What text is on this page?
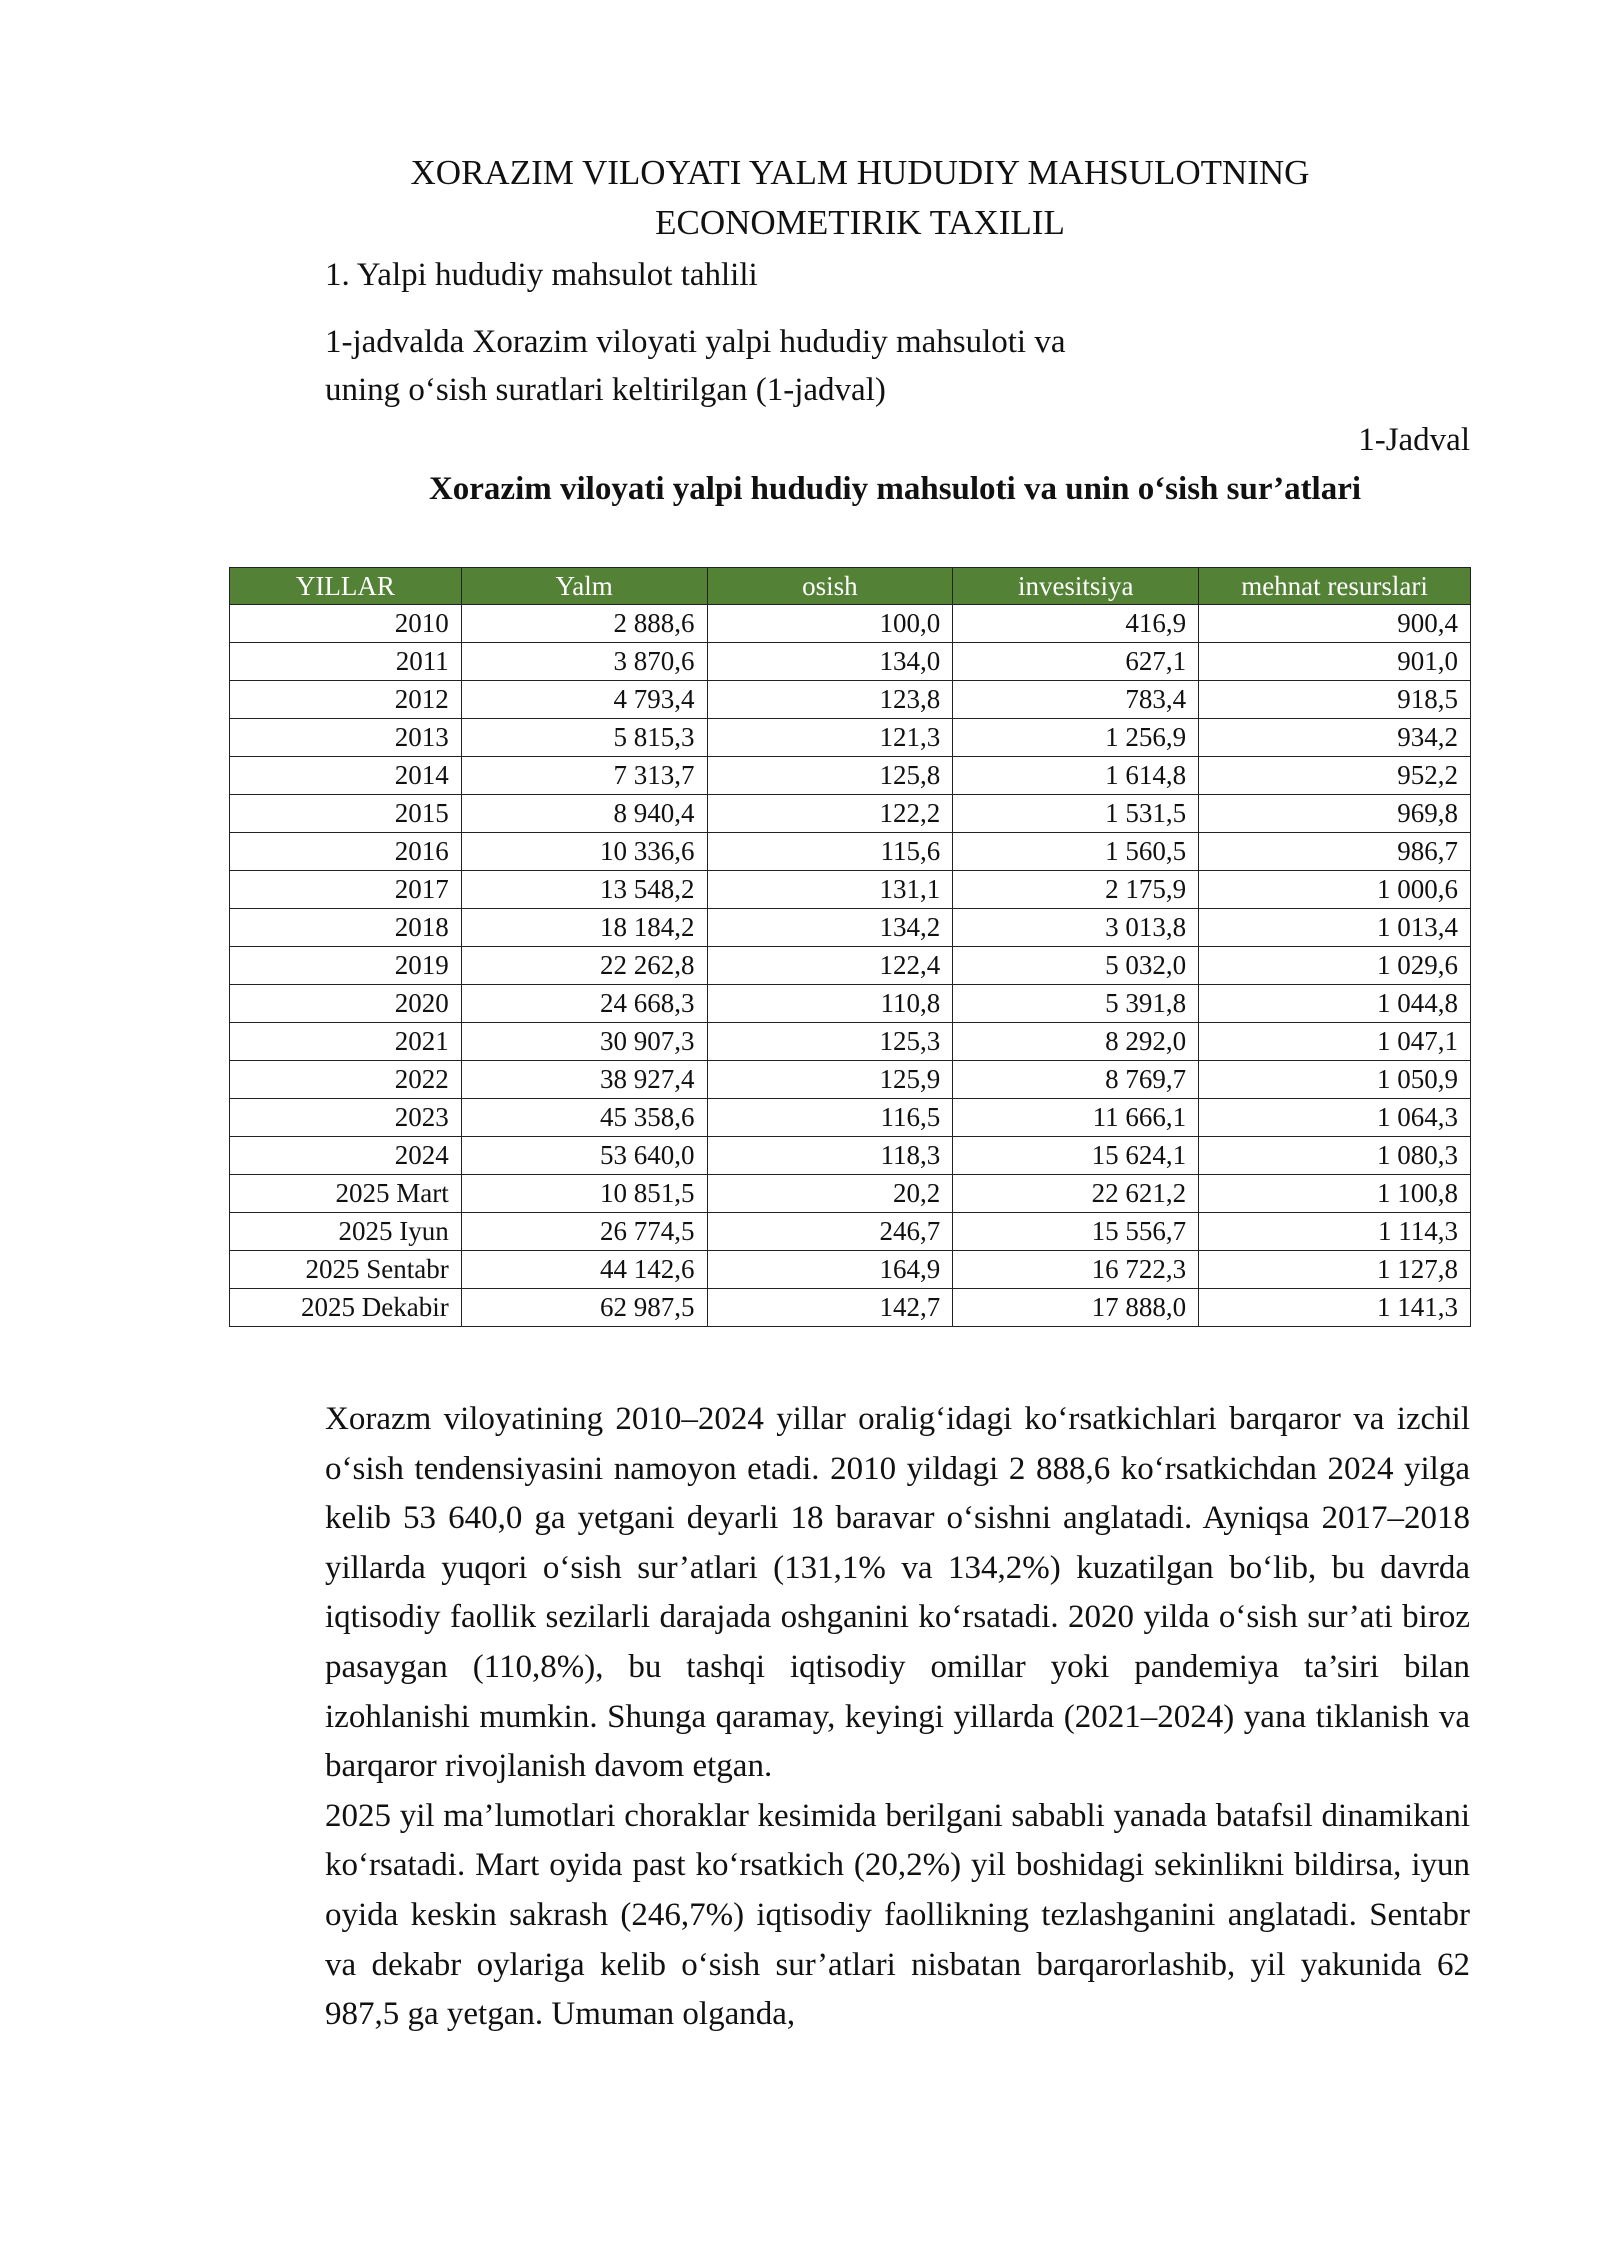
XORAZIM VILOYATI YALM HUDUDIY MAHSULOTNING
ECONOMETIRIK TAXILIL
1. Yalpi hududiy mahsulot tahlili
1-jadvalda Xorazim viloyati yalpi hududiy mahsuloti va
uning o‘sish suratlari keltirilgan (1-jadval)
1-Jadval
Xorazim viloyati yalpi hududiy mahsuloti va unin o‘sish sur’atlari
YILLAR	Yalm	osish	invesitsiya	mehnat resurslari
2010	2 888,6	100,0	416,9	900,4
2011	3 870,6	134,0	627,1	901,0
2012	4 793,4	123,8	783,4	918,5
2013	5 815,3	121,3	1 256,9	934,2
2014	7 313,7	125,8	1 614,8	952,2
2015	8 940,4	122,2	1 531,5	969,8
2016	10 336,6	115,6	1 560,5	986,7
2017	13 548,2	131,1	2 175,9	1 000,6
2018	18 184,2	134,2	3 013,8	1 013,4
2019	22 262,8	122,4	5 032,0	1 029,6
2020	24 668,3	110,8	5 391,8	1 044,8
2021	30 907,3	125,3	8 292,0	1 047,1
2022	38 927,4	125,9	8 769,7	1 050,9
2023	45 358,6	116,5	11 666,1	1 064,3
2024	53 640,0	118,3	15 624,1	1 080,3
2025 Mart	10 851,5	20,2	22 621,2	1 100,8
2025 Iyun	26 774,5	246,7	15 556,7	1 114,3
2025 Sentabr	44 142,6	164,9	16 722,3	1 127,8
2025 Dekabir	62 987,5	142,7	17 888,0	1 141,3

Xorazm viloyatining 2010–2024 yillar oralig‘idagi ko‘rsatkichlari barqaror va izchil o‘sish tendensiyasini namoyon etadi. 2010 yildagi 2 888,6 ko‘rsatkichdan 2024 yilga kelib 53 640,0 ga yetgani deyarli 18 baravar o‘sishni anglatadi. Ayniqsa 2017–2018 yillarda yuqori o‘sish sur’atlari (131,1% va 134,2%) kuzatilgan bo‘lib, bu davrda iqtisodiy faollik sezilarli darajada oshganini ko‘rsatadi. 2020 yilda o‘sish sur’ati biroz pasaygan (110,8%), bu tashqi iqtisodiy omillar yoki pandemiya ta’siri bilan izohlanishi mumkin. Shunga qaramay, keyingi yillarda (2021–2024) yana tiklanish va barqaror rivojlanish davom etgan.

2025 yil ma’lumotlari choraklar kesimida berilgani sababli yanada batafsil dinamikani ko‘rsatadi. Mart oyida past ko‘rsatkich (20,2%) yil boshidagi sekinlikni bildirsa, iyun oyida keskin sakrash (246,7%) iqtisodiy faollikning tezlashganini anglatadi. Sentabr va dekabr oylariga kelib o‘sish sur’atlari nisbatan barqarorlashib, yil yakunida 62 987,5 ga yetgan. Umuman olganda,
